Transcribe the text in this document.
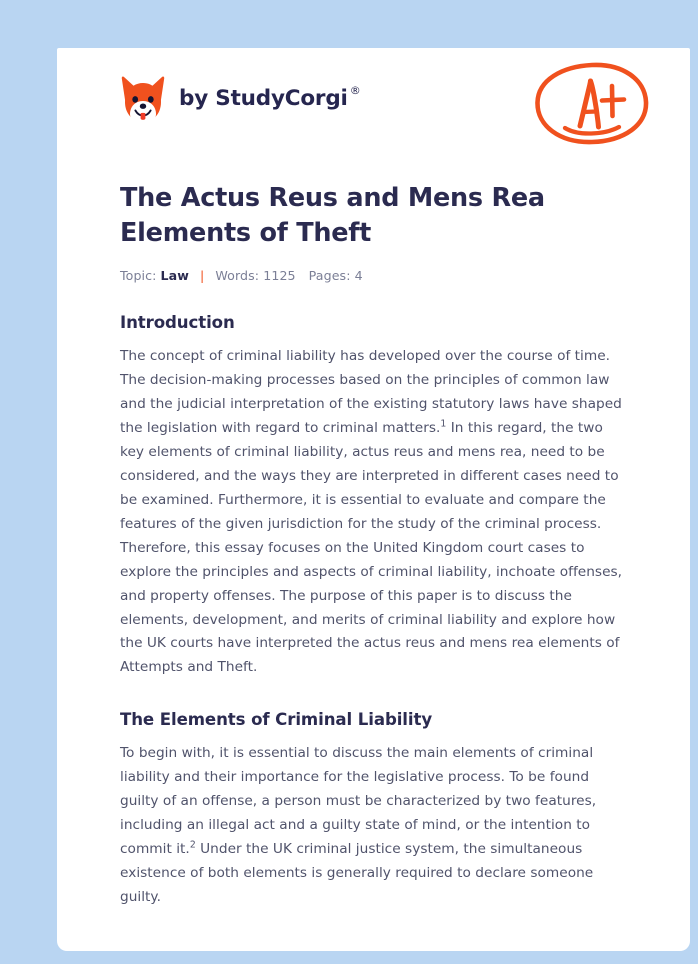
by StudyCorgi ®
The Actus Reus and Mens Rea Elements of Theft
Topic: Law | Words: 1125 Pages: 4
Introduction

The concept of criminal liability has developed over the course of time. The decision-making processes based on the principles of common law and the judicial interpretation of the existing statutory laws have shaped the legislation with regard to criminal matters.$^1$ In this regard, the two key elements of criminal liability, actus reus and mens rea, need to be considered, and the ways they are interpreted in different cases need to be examined. Furthermore, it is essential to evaluate and compare the features of the given jurisdiction for the study of the criminal process. Therefore, this essay focuses on the United Kingdom court cases to explore the principles and aspects of criminal liability, inchoate offenses, and property offenses. The purpose of this paper is to discuss the elements, development, and merits of criminal liability and explore how the UK courts have interpreted the actus reus and mens rea elements of Attempts and Theft.

The Elements of Criminal Liability

To begin with, it is essential to discuss the main elements of criminal liability and their importance for the legislative process. To be found guilty of an offense, a person must be characterized by two features, including an illegal act and a guilty state of mind, or the intention to commit it.$^2$ Under the UK criminal justice system, the simultaneous existence of both elements is generally required to declare someone guilty.
